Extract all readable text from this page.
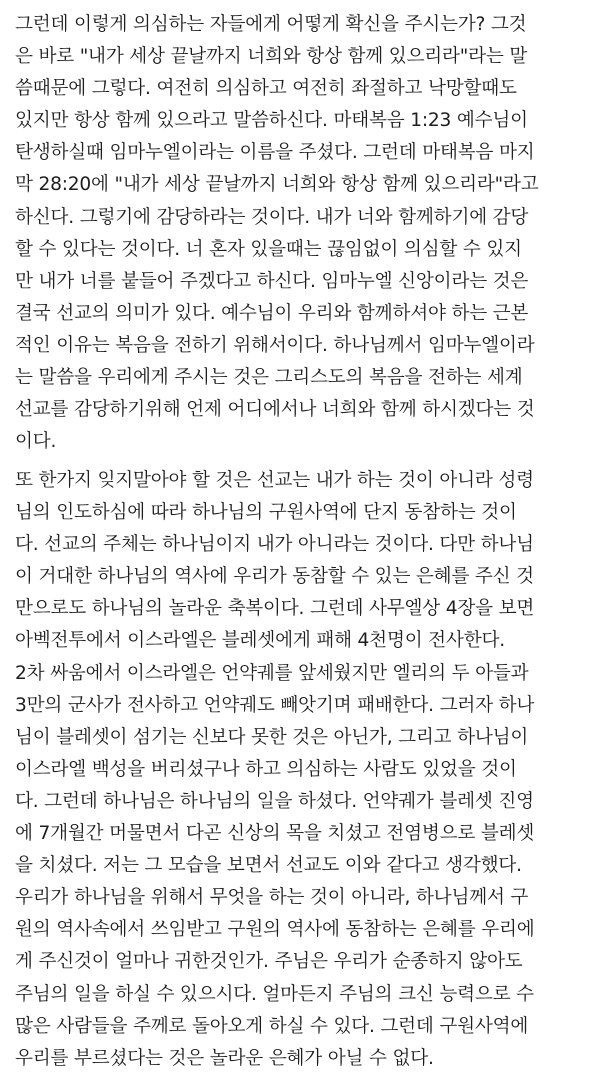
그런데 이렇게 의심하는 자들에게 어떻게 확신을 주시는가? 그것
은 바로 "내가 세상 끝날까지 너희와 항상 함께 있으리라"라는 말
씀때문에 그렇다. 여전히 의심하고 여전히 좌절하고 낙망할때도
있지만 항상 함께 있으라고 말씀하신다. 마태복음 1:23 예수님이
탄생하실때 임마누엘이라는 이름을 주셨다. 그런데 마태복음 마지
막 28:20에 "내가 세상 끝날까지 너희와 항상 함께 있으리라"라고
하신다. 그렇기에 감당하라는 것이다. 내가 너와 함께하기에 감당
할 수 있다는 것이다. 너 혼자 있을때는 끊임없이 의심할 수 있지
만 내가 너를 붙들어 주겠다고 하신다. 임마누엘 신앙이라는 것은
결국 선교의 의미가 있다. 예수님이 우리와 함께하셔야 하는 근본
적인 이유는 복음을 전하기 위해서이다. 하나님께서 임마누엘이라
는 말씀을 우리에게 주시는 것은 그리스도의 복음을 전하는 세계
선교를 감당하기위해 언제 어디에서나 너희와 함께 하시겠다는 것
이다.
또 한가지 잊지말아야 할 것은 선교는 내가 하는 것이 아니라 성령
님의 인도하심에 따라 하나님의 구원사역에 단지 동참하는 것이
다. 선교의 주체는 하나님이지 내가 아니라는 것이다. 다만 하나님
이 거대한 하나님의 역사에 우리가 동참할 수 있는 은혜를 주신 것
만으로도 하나님의 놀라운 축복이다. 그런데 사무엘상 4장을 보면
아벡전투에서 이스라엘은 블레셋에게 패해 4천명이 전사한다.
2차 싸움에서 이스라엘은 언약궤를 앞세웠지만 엘리의 두 아들과
3만의 군사가 전사하고 언약궤도 빼앗기며 패배한다. 그러자 하나
님이 블레셋이 섬기는 신보다 못한 것은 아닌가, 그리고 하나님이
이스라엘 백성을 버리셨구나 하고 의심하는 사람도 있었을 것이
다. 그런데 하나님은 하나님의 일을 하셨다. 언약궤가 블레셋 진영
에 7개월간 머물면서 다곤 신상의 목을 치셨고 전염병으로 블레셋
을 치셨다. 저는 그 모습을 보면서 선교도 이와 같다고 생각했다.
우리가 하나님을 위해서 무엇을 하는 것이 아니라, 하나님께서 구
원의 역사속에서 쓰임받고 구원의 역사에 동참하는 은혜를 우리에
게 주신것이 얼마나 귀한것인가. 주님은 우리가 순종하지 않아도
주님의 일을 하실 수 있으시다. 얼마든지 주님의 크신 능력으로 수
많은 사람들을 주께로 돌아오게 하실 수 있다. 그런데 구원사역에
우리를 부르셨다는 것은 놀라운 은혜가 아닐 수 없다.
